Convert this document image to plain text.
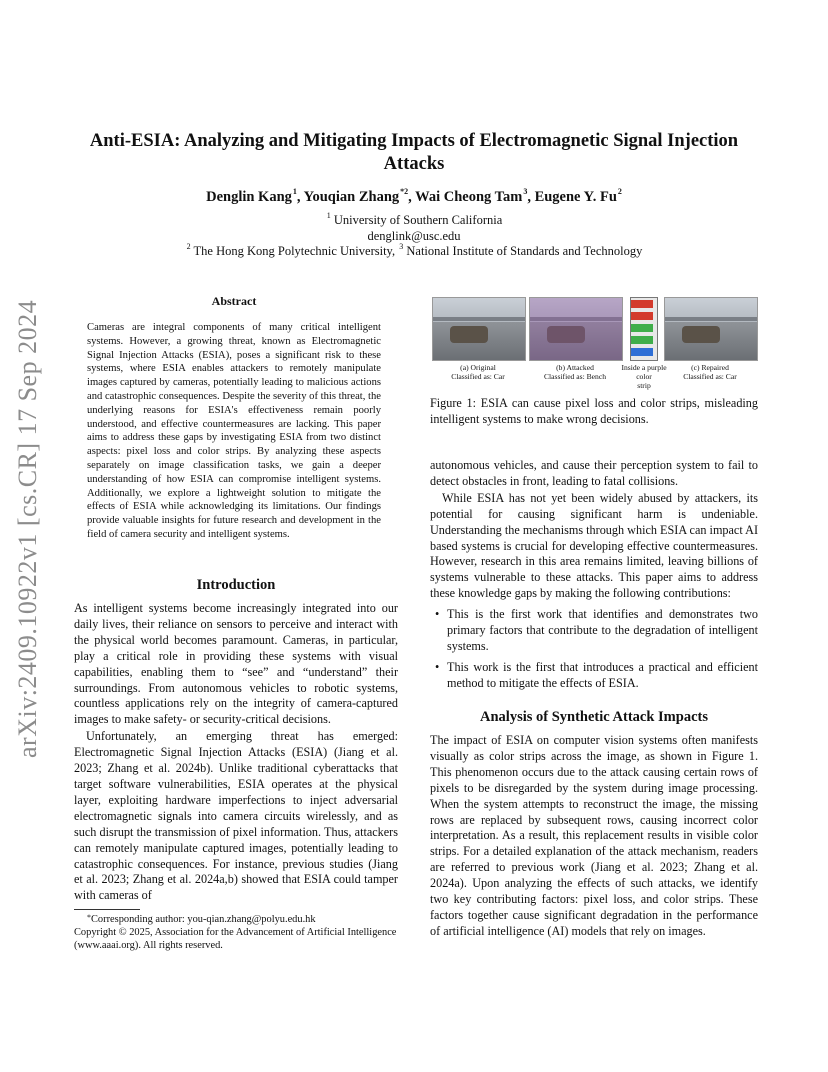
arXiv:2409.10922v1 [cs.CR] 17 Sep 2024
Anti-ESIA: Analyzing and Mitigating Impacts of Electromagnetic Signal Injection Attacks
Denglin Kang$^1$, Youqian Zhang$^{*2}$, Wai Cheong Tam$^3$, Eugene Y. Fu$^2$
$^1$ University of Southern California
denglink@usc.edu
$^2$ The Hong Kong Polytechnic University, $^3$ National Institute of Standards and Technology
Abstract
Cameras are integral components of many critical intelligent systems. However, a growing threat, known as Electromagnetic Signal Injection Attacks (ESIA), poses a significant risk to these systems, where ESIA enables attackers to remotely manipulate images captured by cameras, potentially leading to malicious actions and catastrophic consequences. Despite the severity of this threat, the underlying reasons for ESIA's effectiveness remain poorly understood, and effective countermeasures are lacking. This paper aims to address these gaps by investigating ESIA from two distinct aspects: pixel loss and color strips. By analyzing these aspects separately on image classification tasks, we gain a deeper understanding of how ESIA can compromise intelligent systems. Additionally, we explore a lightweight solution to mitigate the effects of ESIA while acknowledging its limitations. Our findings provide valuable insights for future research and development in the field of camera security and intelligent systems.
Introduction

As intelligent systems become increasingly integrated into our daily lives, their reliance on sensors to perceive and interact with the physical world becomes paramount. Cameras, in particular, play a critical role in providing these systems with visual capabilities, enabling them to “see” and “understand” their surroundings. From autonomous vehicles to robotic systems, countless applications rely on the integrity of camera-captured images to make safety- or security-critical decisions.

Unfortunately, an emerging threat has emerged: Electromagnetic Signal Injection Attacks (ESIA) (Jiang et al. 2023; Zhang et al. 2024b). Unlike traditional cyberattacks that target software vulnerabilities, ESIA operates at the physical layer, exploiting hardware imperfections to inject adversarial electromagnetic signals into camera circuits wirelessly, and as such disrupt the transmission of pixel information. Thus, attackers can remotely manipulate captured images, potentially leading to catastrophic consequences. For instance, previous studies (Jiang et al. 2023; Zhang et al. 2024a,b) showed that ESIA could tamper with cameras of

*Corresponding author: you-qian.zhang@polyu.edu.hk
Copyright © 2025, Association for the Advancement of Artificial Intelligence (www.aaai.org). All rights reserved.
(a) Original
Classified as: Car
(b) Attacked
Classified as: Bench
Inside a purple color
strip
(c) Repaired
Classified as: Car
Figure 1: ESIA can cause pixel loss and color strips, misleading intelligent systems to make wrong decisions.

autonomous vehicles, and cause their perception system to fail to detect obstacles in front, leading to fatal collisions.

While ESIA has not yet been widely abused by attackers, its potential for causing significant harm is undeniable. Understanding the mechanisms through which ESIA can impact AI based systems is crucial for developing effective countermeasures. However, research in this area remains limited, leaving billions of systems vulnerable to these attacks. This paper aims to address these knowledge gaps by making the following contributions:

• This is the first work that identifies and demonstrates two primary factors that contribute to the degradation of intelligent systems.
• This work is the first that introduces a practical and efficient method to mitigate the effects of ESIA.
Analysis of Synthetic Attack Impacts

The impact of ESIA on computer vision systems often manifests visually as color strips across the image, as shown in Figure 1. This phenomenon occurs due to the attack causing certain rows of pixels to be disregarded by the system during image processing. When the system attempts to reconstruct the image, the missing rows are replaced by subsequent rows, causing incorrect color interpretation. As a result, this replacement results in visible color strips. For a detailed explanation of the attack mechanism, readers are referred to previous work (Jiang et al. 2023; Zhang et al. 2024a). Upon analyzing the effects of such attacks, we identify two key contributing factors: pixel loss, and color strips. These factors together cause significant degradation in the performance of artificial intelligence (AI) models that rely on images.
